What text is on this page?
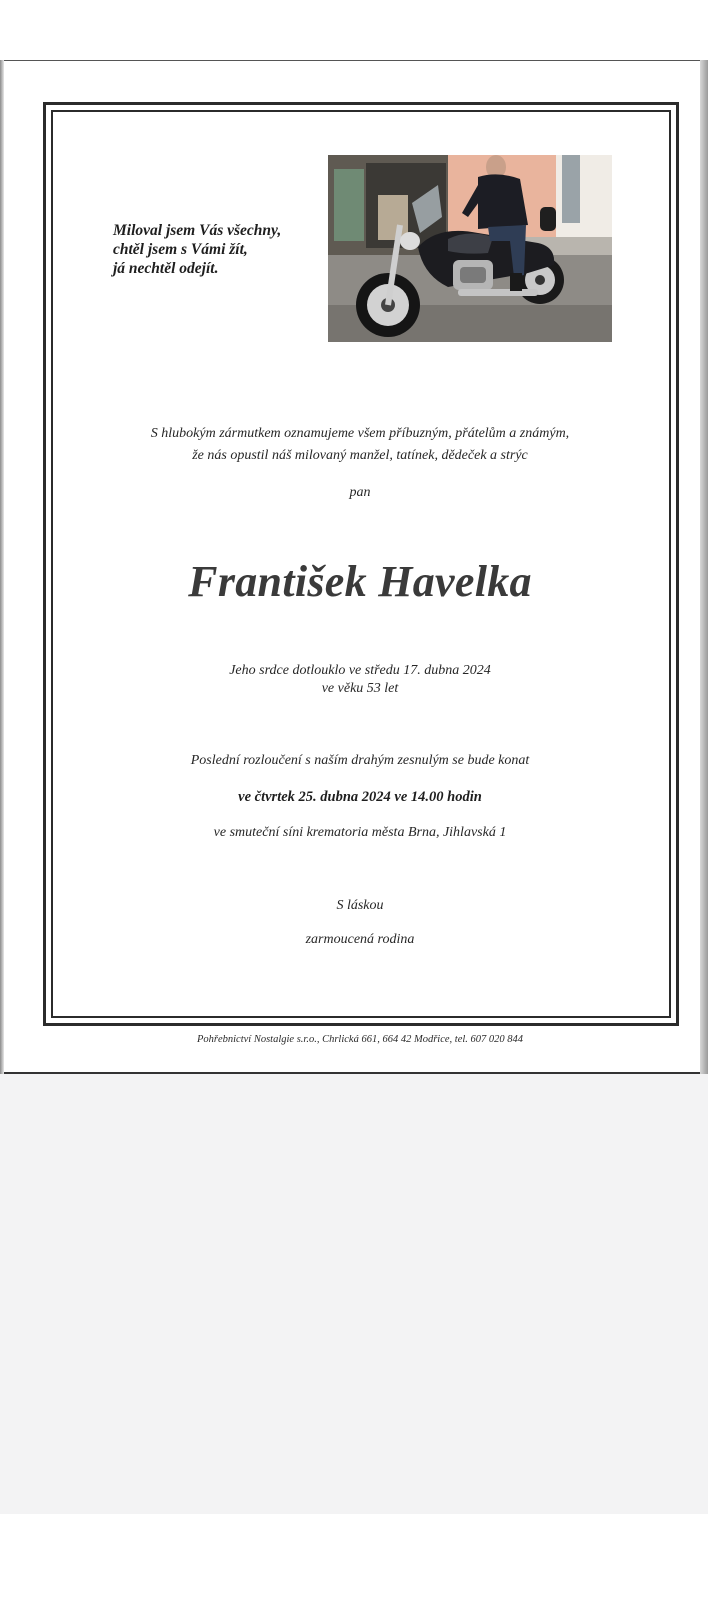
Miloval jsem Vás všechny,
chtěl jsem s Vámi žít,
já nechtěl odejít.
S hlubokým zármutkem oznamujeme všem příbuzným, přátelům a známým,
že nás opustil náš milovaný manžel, tatínek, dědeček a strýc
pan
František Havelka
Jeho srdce dotlouklo ve středu 17. dubna 2024
ve věku 53 let
Poslední rozloučení s naším drahým zesnulým se bude konat
ve čtvrtek 25. dubna 2024 ve 14.00 hodin
ve smuteční síni krematoria města Brna, Jihlavská 1
S láskou
zarmoucená rodina
Pohřebnictví Nostalgie s.r.o., Chrlická 661, 664 42 Modřice, tel. 607 020 844
